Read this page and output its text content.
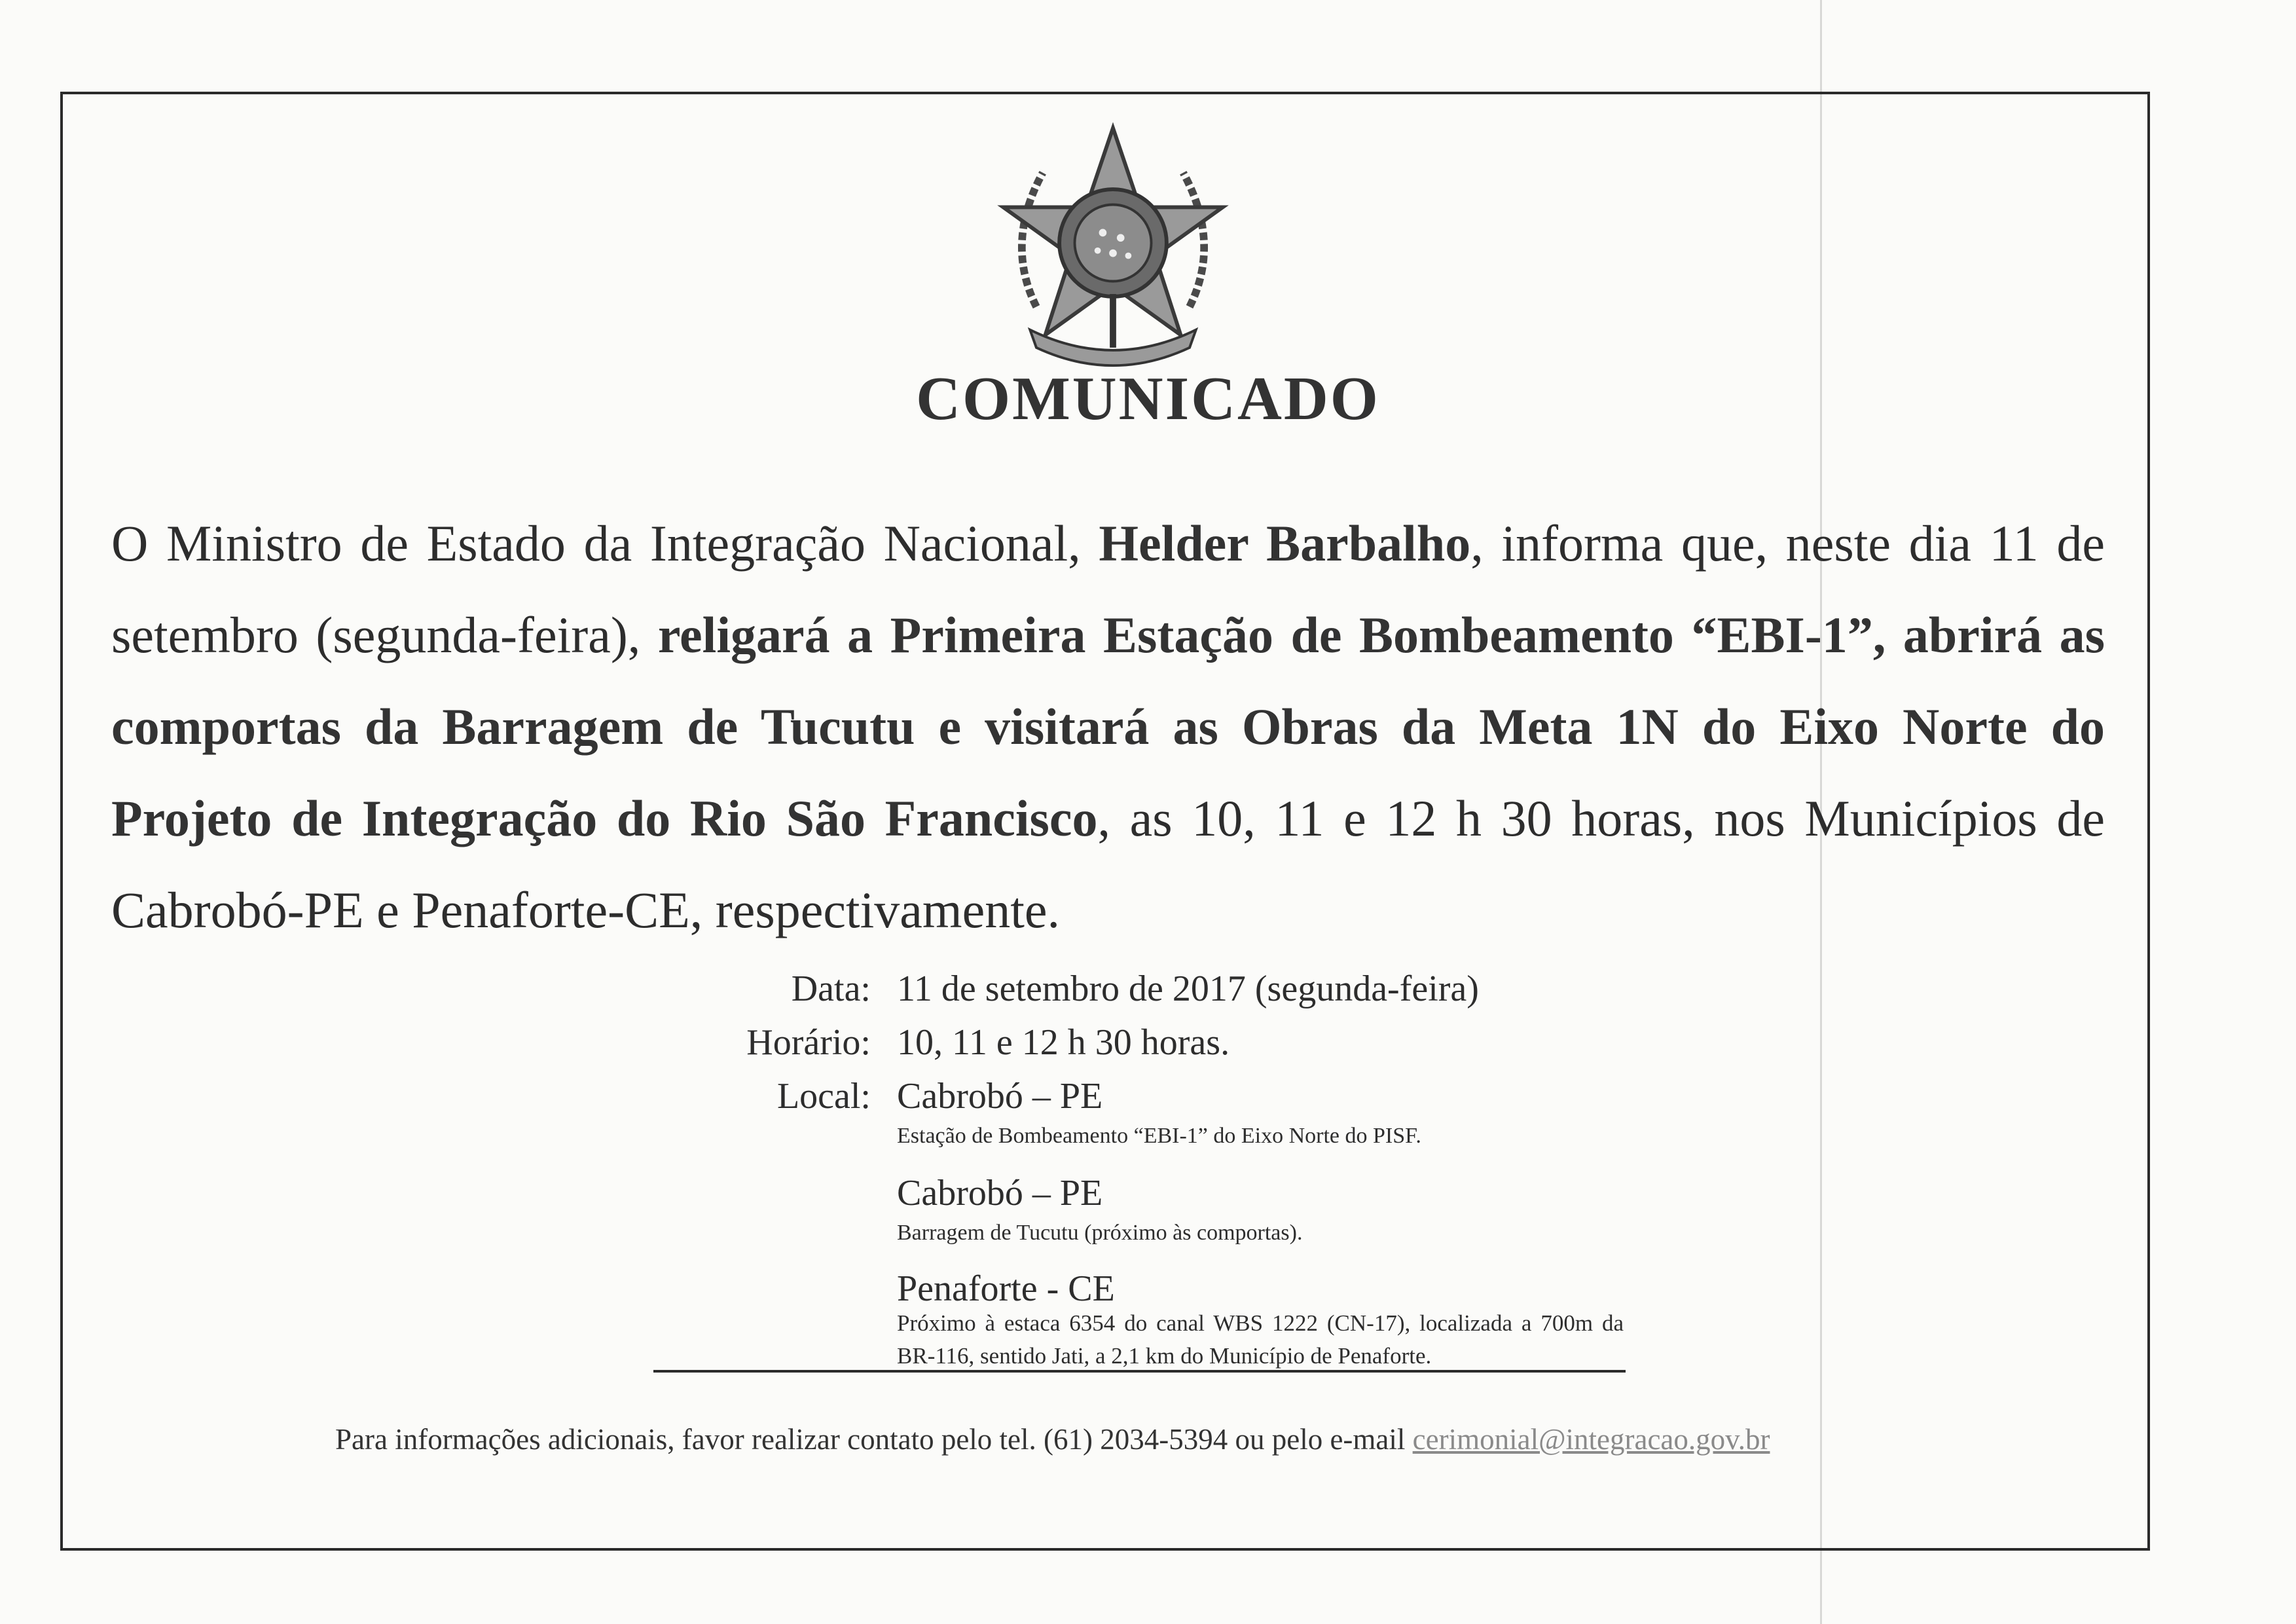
COMUNICADO
O Ministro de Estado da Integração Nacional, Helder Barbalho, informa que, neste dia 11 de setembro (segunda-feira), religará a Primeira Estação de Bombeamento “EBI-1”, abrirá as comportas da Barragem de Tucutu e visitará as Obras da Meta 1N do Eixo Norte do Projeto de Integração do Rio São Francisco, as 10, 11 e 12 h 30 horas, nos Municípios de Cabrobó-PE e Penaforte-CE, respectivamente.
Data: 11 de setembro de 2017 (segunda-feira)
Horário: 10, 11 e 12 h 30 horas.
Local: Cabrobó – PE
Estação de Bombeamento “EBI-1” do Eixo Norte do PISF.
Cabrobó – PE
Barragem de Tucutu (próximo às comportas).
Penaforte - CE
Próximo à estaca 6354 do canal WBS 1222 (CN-17), localizada a 700m da BR-116, sentido Jati, a 2,1 km do Município de Penaforte.
Para informações adicionais, favor realizar contato pelo tel. (61) 2034-5394 ou pelo e-mail cerimonial@integracao.gov.br
